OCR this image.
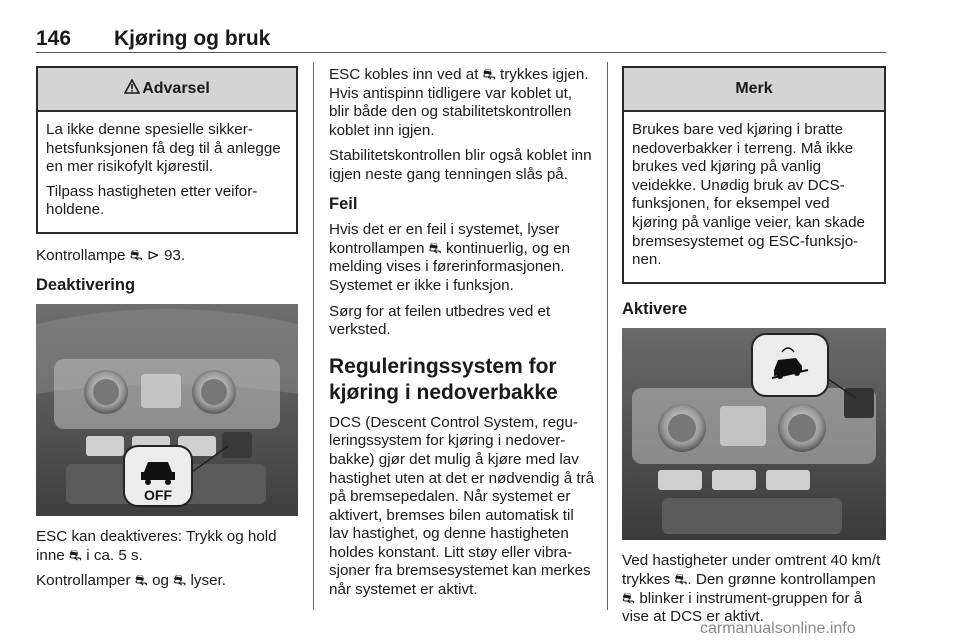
146 Kjøring og bruk
Advarsel

La ikke denne spesielle sikker-hetsfunksjonen få deg til å anlegge en mer risikofylt kjørestil.

Tilpass hastigheten etter veifor-holdene.

Kontrollampe ⛐ ⊳ 93.

Deaktivering
OFF

ESC kan deaktiveres: Trykk og hold inne ⛐ i ca. 5 s.

Kontrollamper ⛐ og ⛐ lyser.

ESC kobles inn ved at ⛐ trykkes igjen. Hvis antispinn tidligere var koblet ut, blir både den og stabilitetskontrollen koblet inn igjen.

Stabilitetskontrollen blir også koblet inn igjen neste gang tenningen slås på.

Feil

Hvis det er en feil i systemet, lyser kontrollampen ⛐ kontinuerlig, og en melding vises i førerinformasjonen. Systemet er ikke i funksjon.

Sørg for at feilen utbedres ved et verksted.

Reguleringssystem for kjøring i nedoverbakke

DCS (Descent Control System, regu-leringssystem for kjøring i nedover-bakke) gjør det mulig å kjøre med lav hastighet uten at det er nødvendig å trå på bremsepedalen. Når systemet er aktivert, bremses bilen automatisk til lav hastighet, og denne hastigheten holdes konstant. Litt støy eller vibra-sjoner fra bremsesystemet kan merkes når systemet er aktivt.

Merk

Brukes bare ved kjøring i bratte nedoverbakker i terreng. Må ikke brukes ved kjøring på vanlig veidekke. Unødig bruk av DCS-funksjonen, for eksempel ved kjøring på vanlige veier, kan skade bremsesystemet og ESC-funksjo-nen.

Aktivere

Ved hastigheter under omtrent 40 km/t trykkes ⛐. Den grønne kontrollampen ⛐ blinker i instrument-gruppen for å vise at DCS er aktivt.

carmanualsonline.info
